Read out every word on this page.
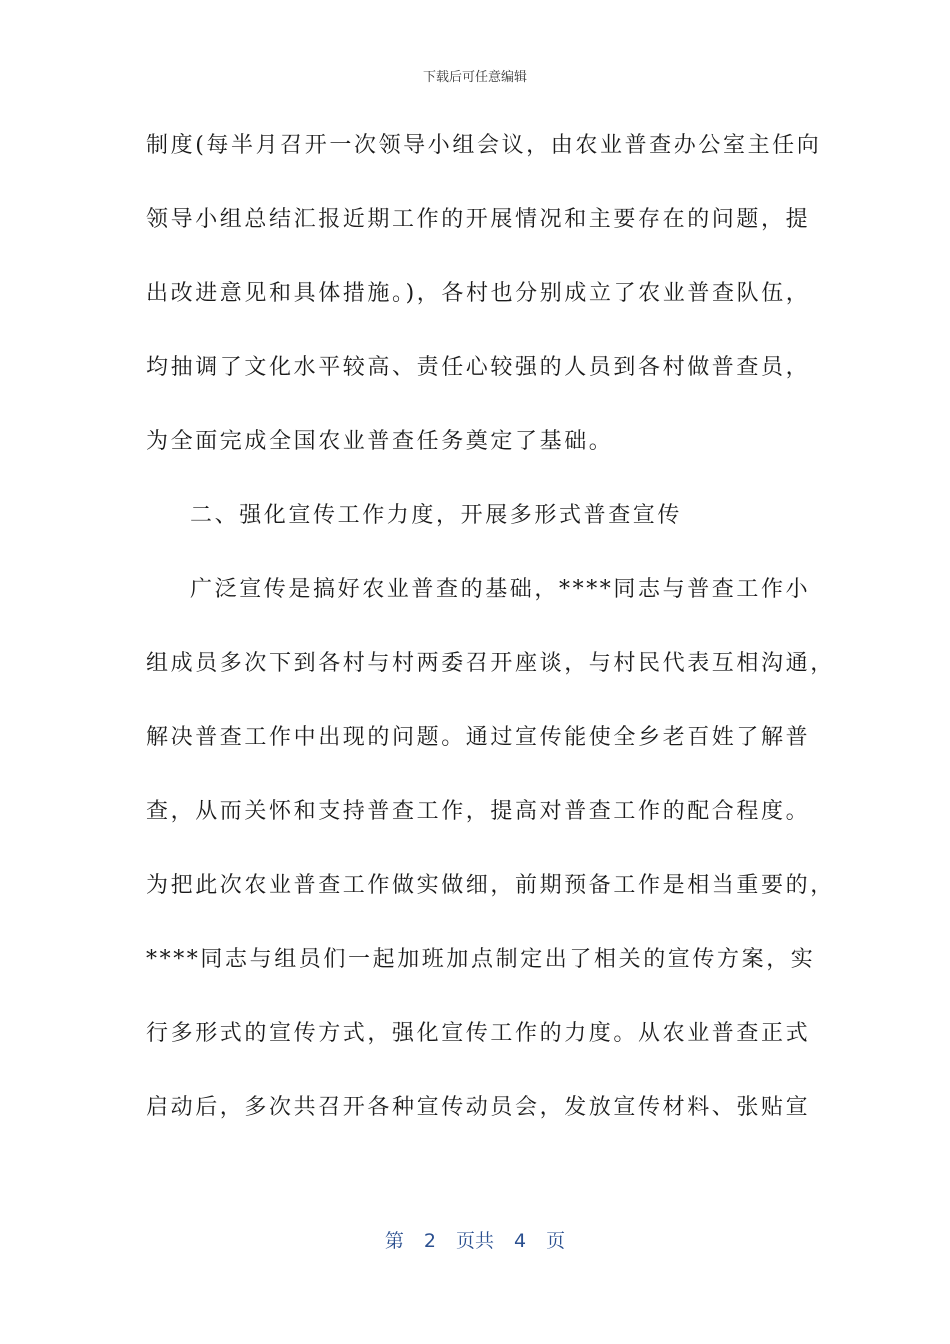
下载后可任意编辑
制度(每半月召开一次领导小组会议，由农业普查办公室主任向
领导小组总结汇报近期工作的开展情况和主要存在的问题，提
出改进意见和具体措施。)，各村也分别成立了农业普查队伍，
均抽调了文化水平较高、责任心较强的人员到各村做普查员，
为全面完成全国农业普查任务奠定了基础。
二、强化宣传工作力度，开展多形式普查宣传
广泛宣传是搞好农业普查的基础，****同志与普查工作小
组成员多次下到各村与村两委召开座谈，与村民代表互相沟通，
解决普查工作中出现的问题。通过宣传能使全乡老百姓了解普
查，从而关怀和支持普查工作，提高对普查工作的配合程度。
为把此次农业普查工作做实做细，前期预备工作是相当重要的，
****同志与组员们一起加班加点制定出了相关的宣传方案，实
行多形式的宣传方式，强化宣传工作的力度。从农业普查正式
启动后，多次共召开各种宣传动员会，发放宣传材料、张贴宣
第 2 页共 4 页
